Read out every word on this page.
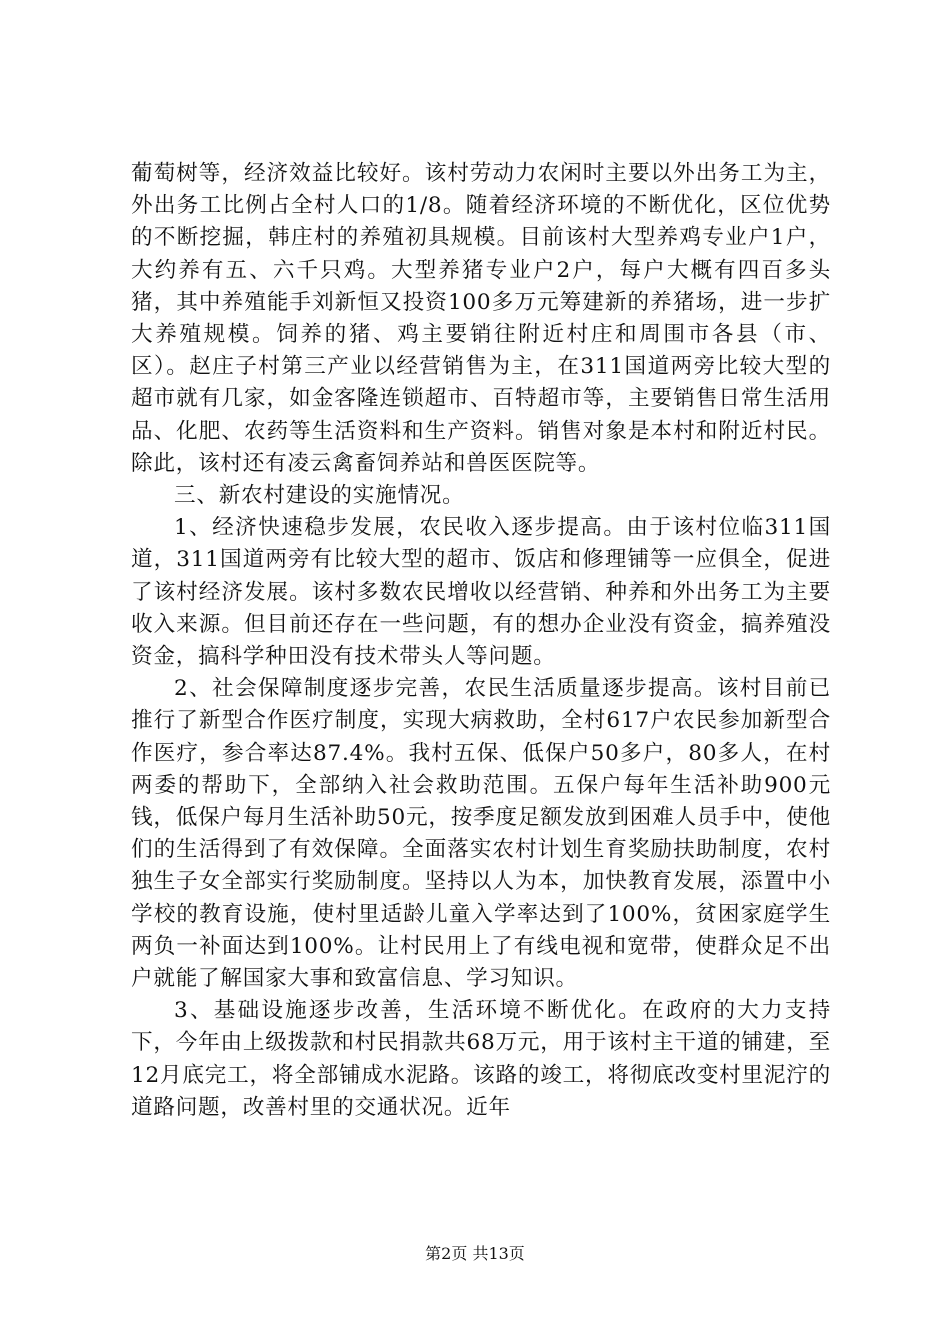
葡萄树等，经济效益比较好。该村劳动力农闲时主要以外出务工为主，外出务工比例占全村人口的1/8。随着经济环境的不断优化，区位优势的不断挖掘，韩庄村的养殖初具规模。目前该村大型养鸡专业户1户，大约养有五、六千只鸡。大型养猪专业户2户，每户大概有四百多头猪，其中养殖能手刘新恒又投资100多万元筹建新的养猪场，进一步扩大养殖规模。饲养的猪、鸡主要销往附近村庄和周围市各县（市、区）。赵庄子村第三产业以经营销售为主，在311国道两旁比较大型的超市就有几家，如金客隆连锁超市、百特超市等，主要销售日常生活用品、化肥、农药等生活资料和生产资料。销售对象是本村和附近村民。除此，该村还有凌云禽畜饲养站和兽医医院等。

三、新农村建设的实施情况。

1、经济快速稳步发展，农民收入逐步提高。由于该村位临311国道，311国道两旁有比较大型的超市、饭店和修理铺等一应俱全，促进了该村经济发展。该村多数农民增收以经营销、种养和外出务工为主要收入来源。但目前还存在一些问题，有的想办企业没有资金，搞养殖没资金，搞科学种田没有技术带头人等问题。

2、社会保障制度逐步完善，农民生活质量逐步提高。该村目前已推行了新型合作医疗制度，实现大病救助，全村617户农民参加新型合作医疗，参合率达87.4%。我村五保、低保户50多户，80多人，在村两委的帮助下，全部纳入社会救助范围。五保户每年生活补助900元钱，低保户每月生活补助50元，按季度足额发放到困难人员手中，使他们的生活得到了有效保障。全面落实农村计划生育奖励扶助制度，农村独生子女全部实行奖励制度。坚持以人为本，加快教育发展，添置中小学校的教育设施，使村里适龄儿童入学率达到了100%，贫困家庭学生两负一补面达到100%。让村民用上了有线电视和宽带，使群众足不出户就能了解国家大事和致富信息、学习知识。

3、基础设施逐步改善，生活环境不断优化。在政府的大力支持下，今年由上级拨款和村民捐款共68万元，用于该村主干道的铺建，至12月底完工，将全部铺成水泥路。该路的竣工，将彻底改变村里泥泞的道路问题，改善村里的交通状况。近年

第2页 共13页
